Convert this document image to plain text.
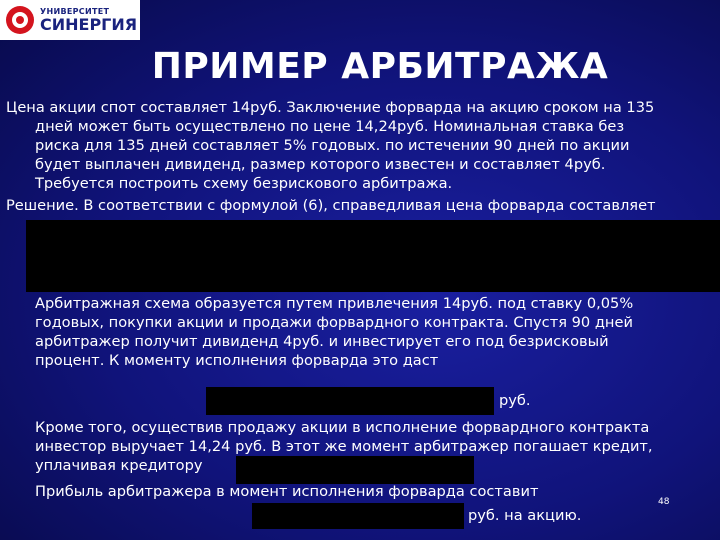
УНИВЕРСИТЕТ
СИНЕРГИЯ
ПРИМЕР АРБИТРАЖА
Цена акции спот составляет 14руб. Заключение форварда на акцию сроком на 135
дней может быть осуществлено по цене 14,24руб. Номинальная ставка без
риска для 135 дней составляет 5% годовых. по истечении 90 дней по акции
будет выплачен дивиденд, размер которого известен и составляет 4руб.
Требуется построить схему безрискового арбитража.
Решение. В соответствии с формулой (6), справедливая цена форварда составляет
Арбитражная схема образуется путем привлечения 14руб. под ставку 0,05%
годовых, покупки акции и продажи форвардного контракта. Спустя 90 дней
арбитражер получит дивиденд 4руб. и инвестирует его под безрисковый
процент. К моменту исполнения форварда это даст
руб.
Кроме того, осуществив продажу акции в исполнение форвардного контракта
инвестор выручает 14,24 руб. В этот же момент арбитражер погашает кредит,
уплачивая кредитору
Прибыль арбитражера в момент исполнения форварда составит
48
руб. на акцию.
